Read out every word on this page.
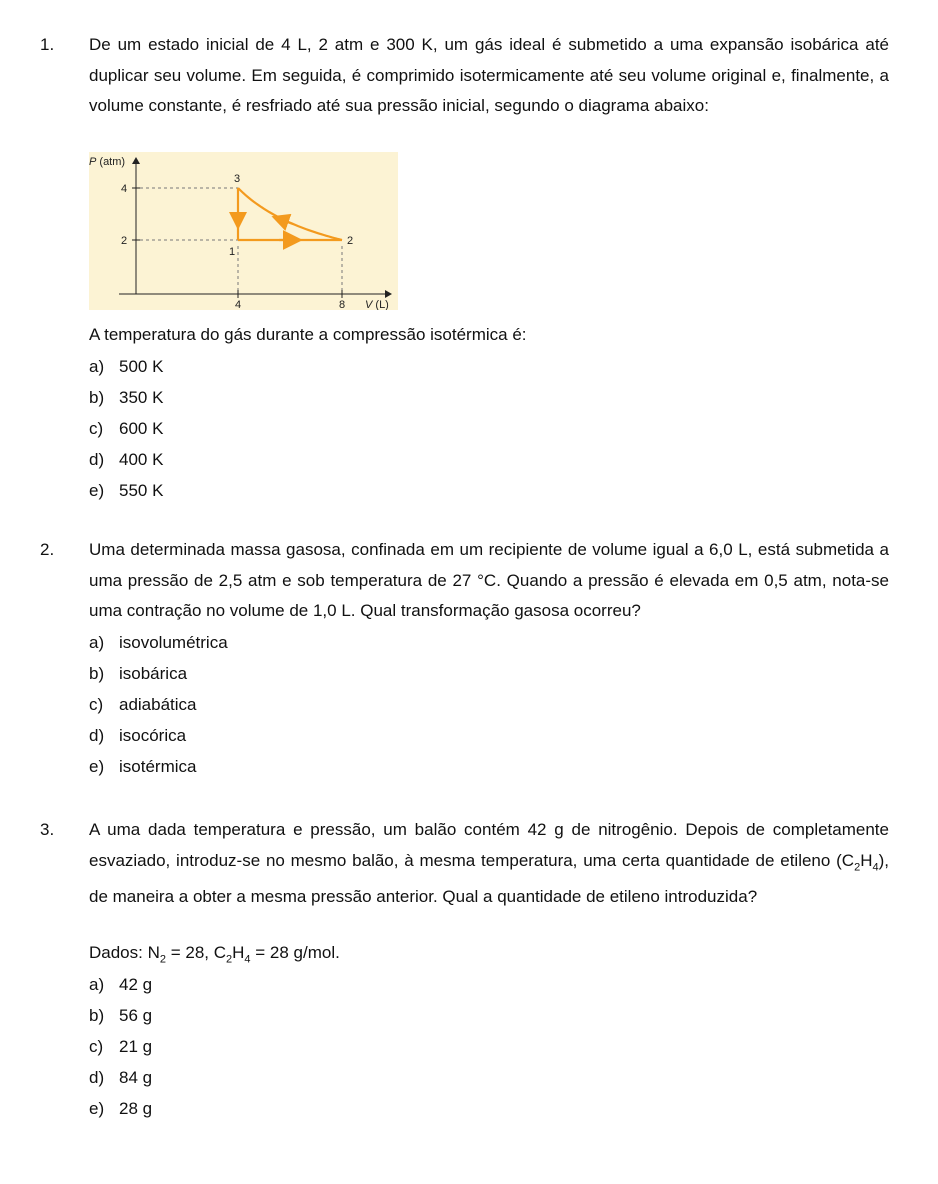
1. De um estado inicial de 4 L, 2 atm e 300 K, um gás ideal é submetido a uma expansão isobárica até duplicar seu volume. Em seguida, é comprimido isotermicamente até seu volume original e, finalmente, a volume constante, é resfriado até sua pressão inicial, segundo o diagrama abaixo:
P (atm)
V (L)
4
2
4	8
3
2
1
A temperatura do gás durante a compressão isotérmica é:
a) 500 K
b) 350 K
c) 600 K
d) 400 K
e) 550 K
2. Uma determinada massa gasosa, confinada em um recipiente de volume igual a 6,0 L, está submetida a uma pressão de 2,5 atm e sob temperatura de 27 °C. Quando a pressão é elevada em 0,5 atm, nota-se uma contração no volume de 1,0 L. Qual transformação gasosa ocorreu?
a) isovolumétrica
b) isobárica
c) adiabática
d) isocórica
e) isotérmica
3. A uma dada temperatura e pressão, um balão contém 42 g de nitrogênio. Depois de completamente esvaziado, introduz-se no mesmo balão, à mesma temperatura, uma certa quantidade de etileno $(C_2H_4)$, de maneira a obter a mesma pressão anterior. Qual a quantidade de etileno introduzida?
Dados: $N_2 = 28$, $C_2H_4 = 28$ g/mol.
a) 42 g
b) 56 g
c) 21 g
d) 84 g
e) 28 g
